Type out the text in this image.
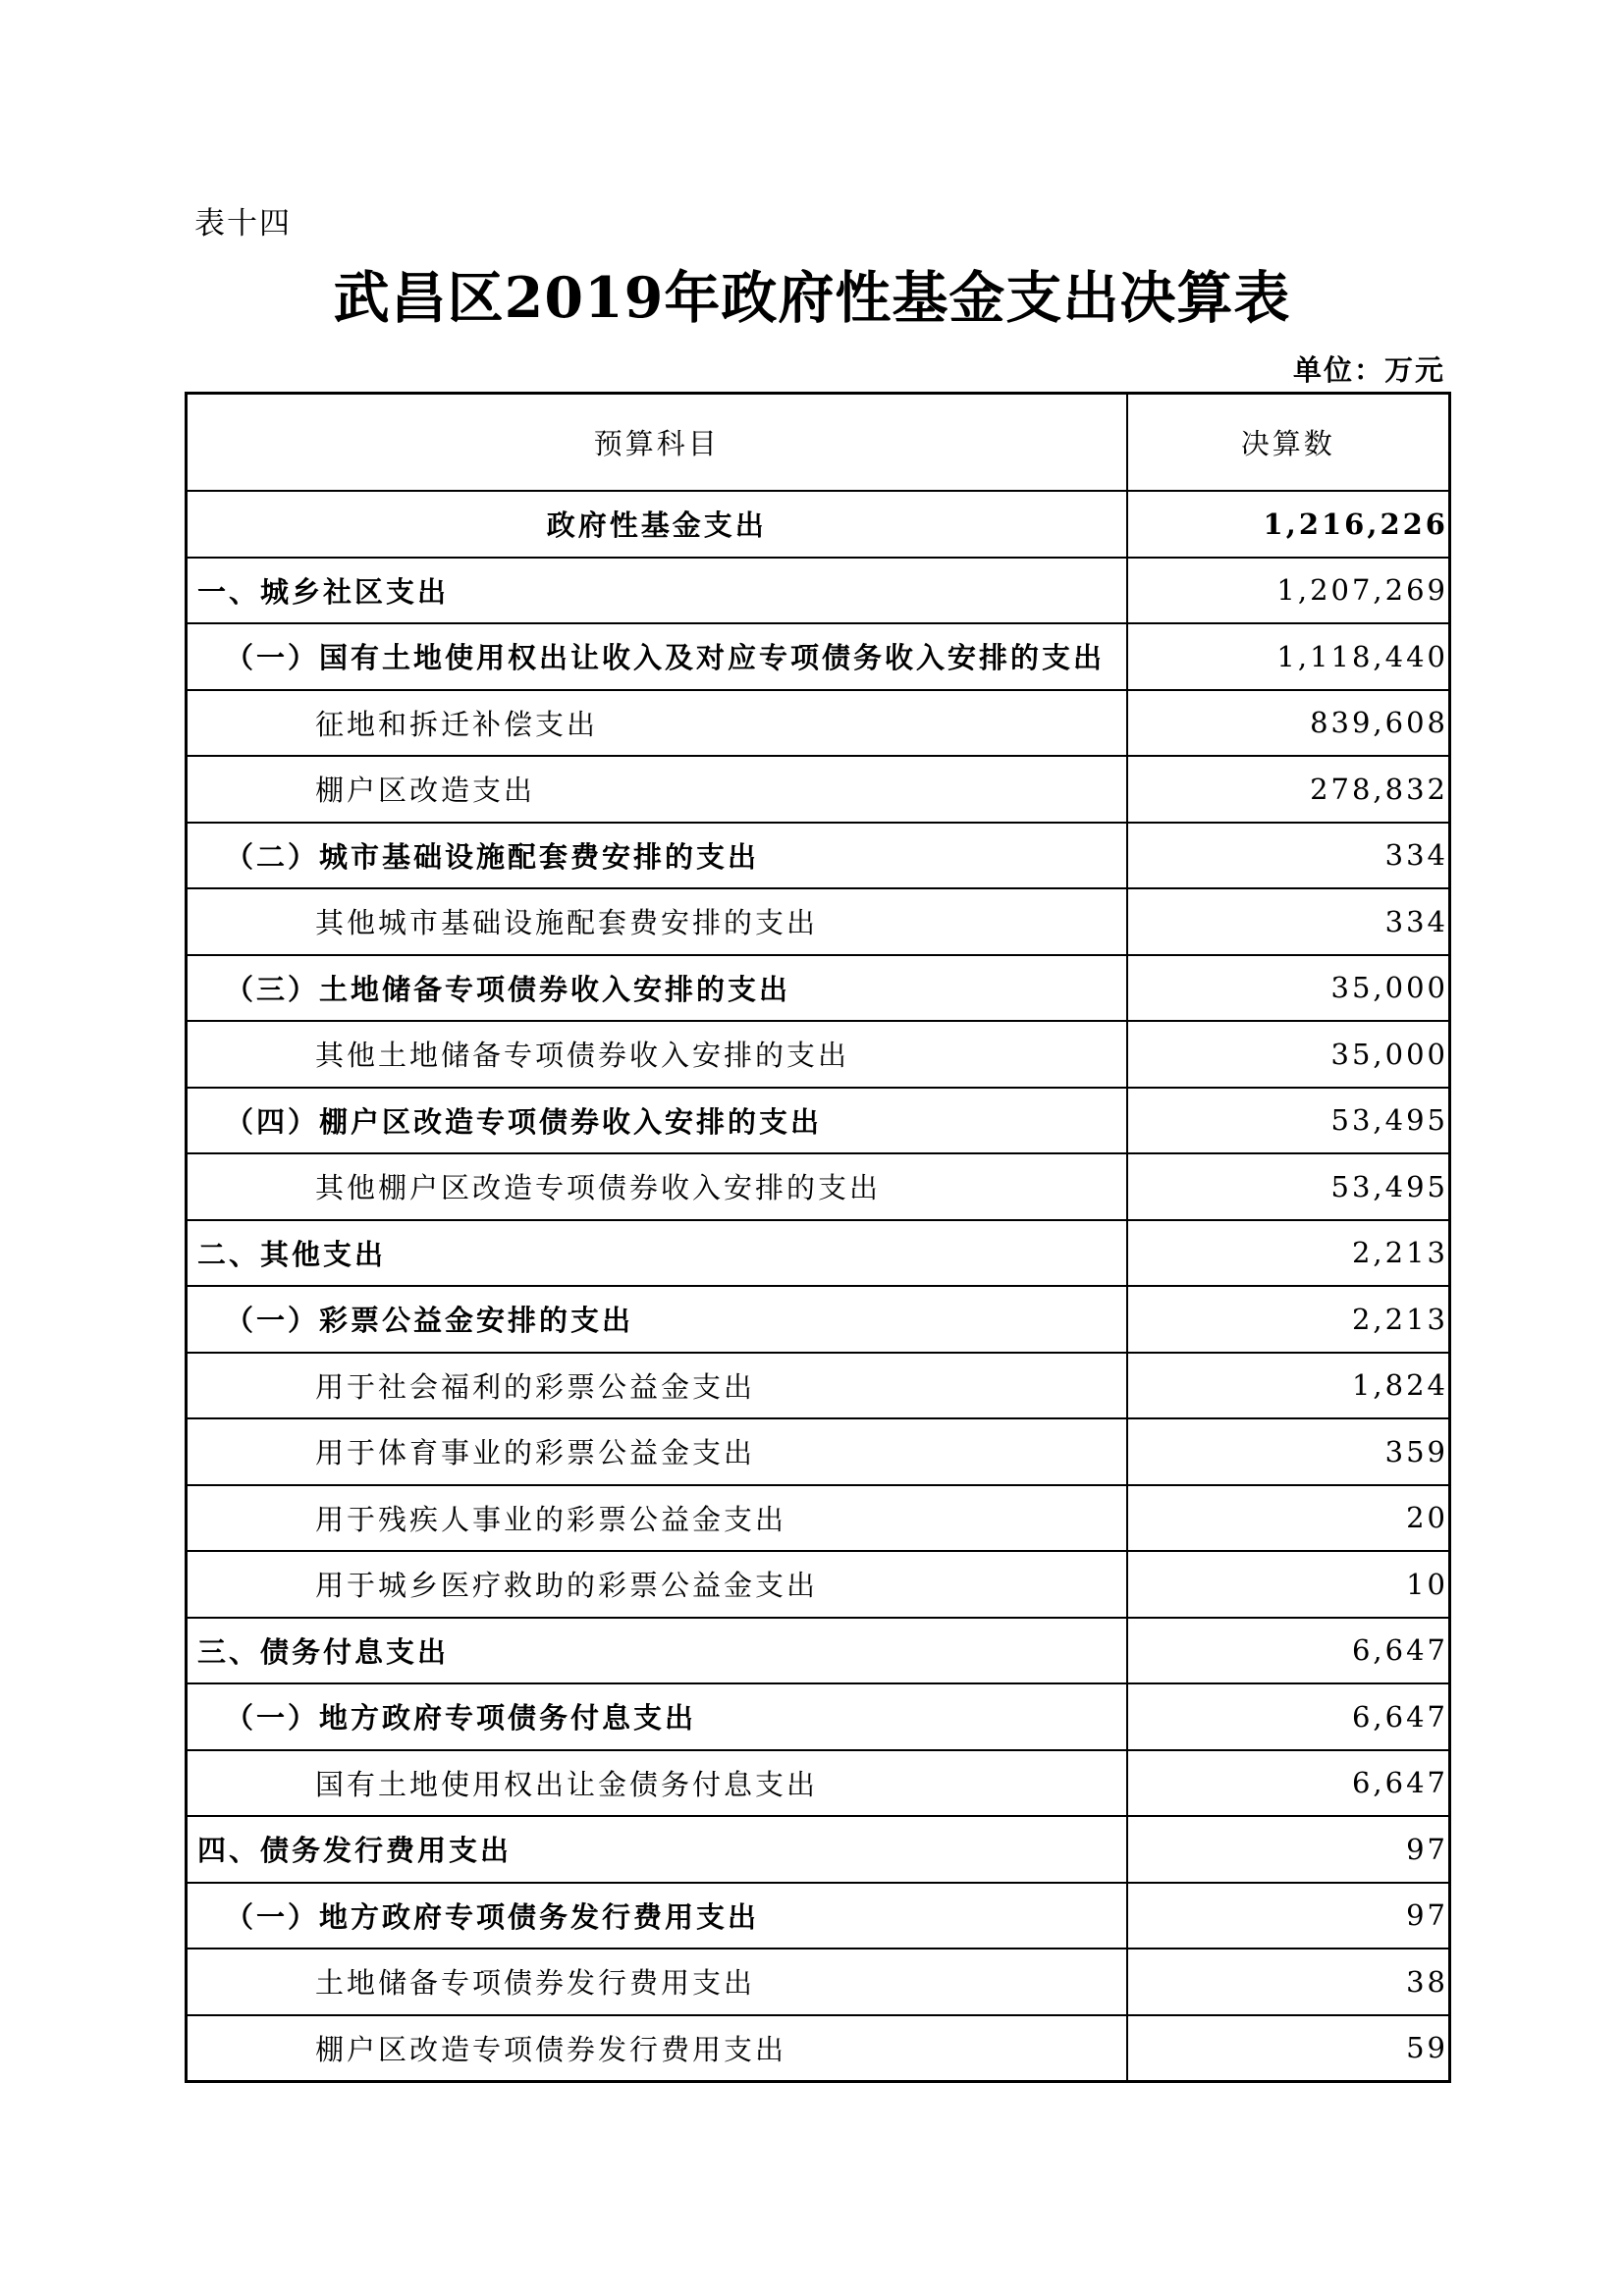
表十四
武昌区2019年政府性基金支出决算表
单位：万元
预算科目	决算数
政府性基金支出	1,216,226
一、城乡社区支出	1,207,269
（一）国有土地使用权出让收入及对应专项债务收入安排的支出	1,118,440
征地和拆迁补偿支出	839,608
棚户区改造支出	278,832
（二）城市基础设施配套费安排的支出	334
其他城市基础设施配套费安排的支出	334
（三）土地储备专项债券收入安排的支出	35,000
其他土地储备专项债券收入安排的支出	35,000
（四）棚户区改造专项债券收入安排的支出	53,495
其他棚户区改造专项债券收入安排的支出	53,495
二、其他支出	2,213
（一）彩票公益金安排的支出	2,213
用于社会福利的彩票公益金支出	1,824
用于体育事业的彩票公益金支出	359
用于残疾人事业的彩票公益金支出	20
用于城乡医疗救助的彩票公益金支出	10
三、债务付息支出	6,647
（一）地方政府专项债务付息支出	6,647
国有土地使用权出让金债务付息支出	6,647
四、债务发行费用支出	97
（一）地方政府专项债务发行费用支出	97
土地储备专项债券发行费用支出	38
棚户区改造专项债券发行费用支出	59
